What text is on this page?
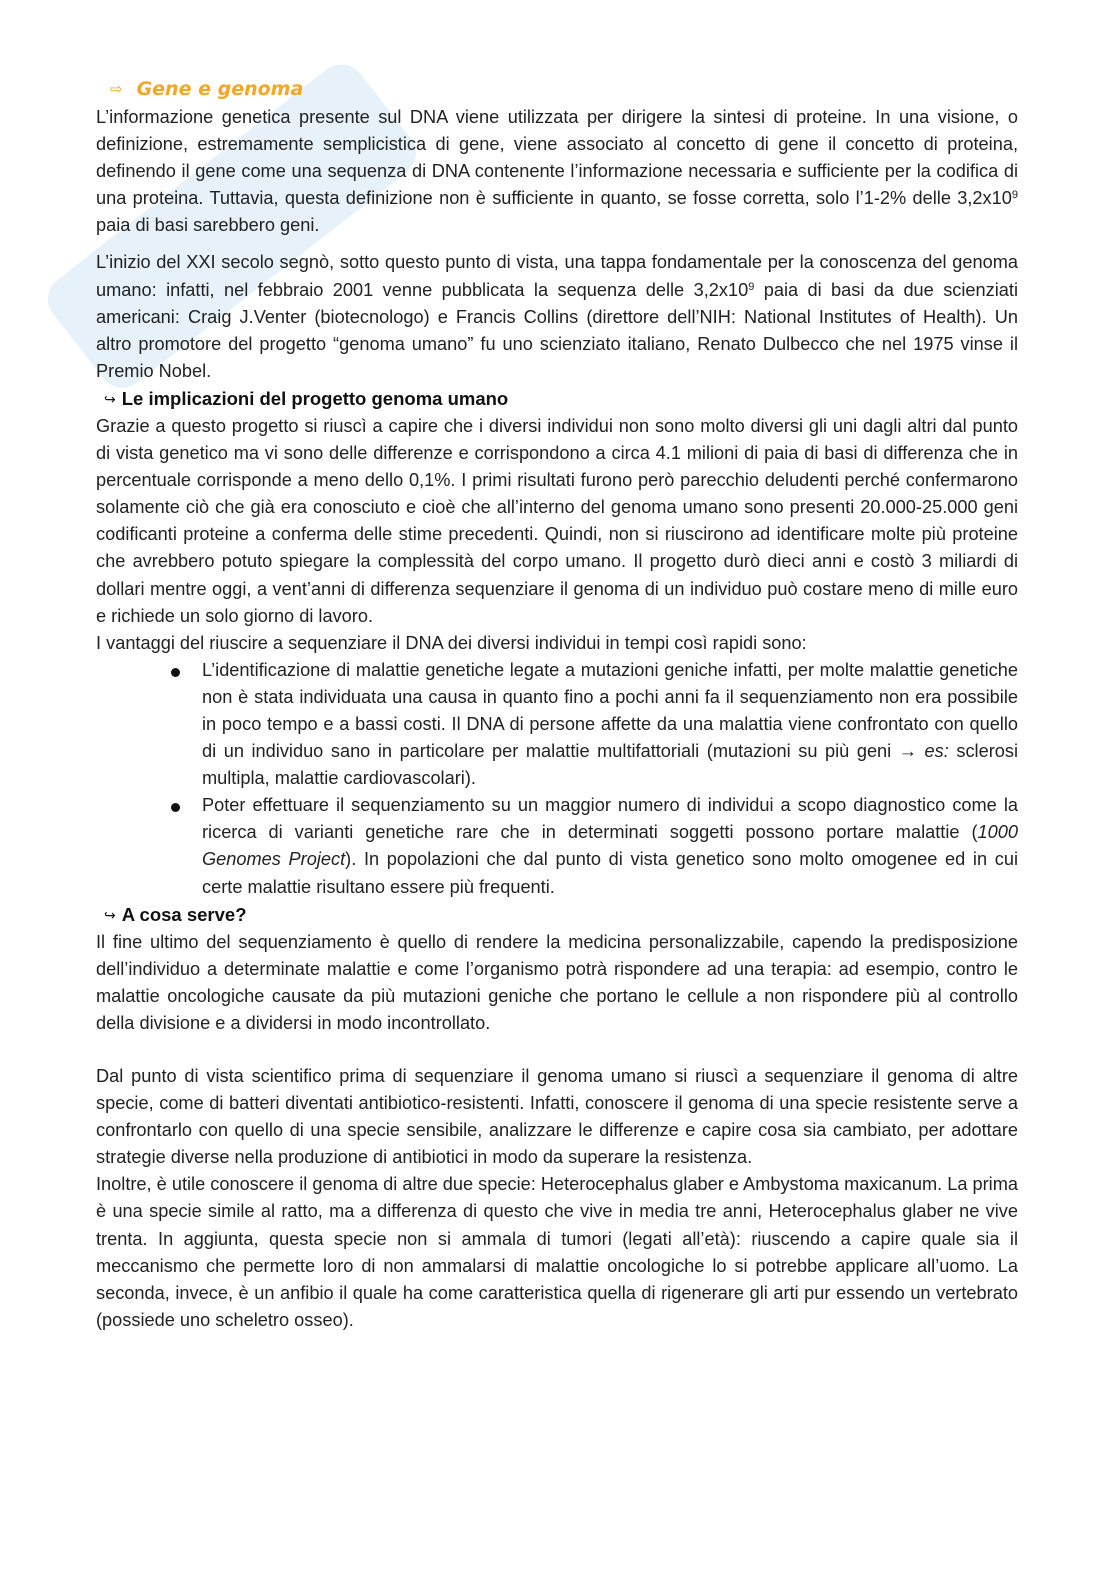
⇨ Gene e genoma

L’informazione genetica presente sul DNA viene utilizzata per dirigere la sintesi di proteine. In una visione, o definizione, estremamente semplicistica di gene, viene associato al concetto di gene il concetto di proteina, definendo il gene come una sequenza di DNA contenente l’informazione necessaria e sufficiente per la codifica di una proteina. Tuttavia, questa definizione non è sufficiente in quanto, se fosse corretta, solo l’1-2% delle $3,2x10^9$ paia di basi sarebbero geni.

L’inizio del XXI secolo segnò, sotto questo punto di vista, una tappa fondamentale per la conoscenza del genoma umano: infatti, nel febbraio 2001 venne pubblicata la sequenza delle $3,2x10^9$ paia di basi da due scienziati americani: Craig J.Venter (biotecnologo) e Francis Collins (direttore dell’NIH: National Institutes of Health). Un altro promotore del progetto “genoma umano” fu uno scienziato italiano, Renato Dulbecco che nel 1975 vinse il Premio Nobel.

↪ Le implicazioni del progetto genoma umano

Grazie a questo progetto si riuscì a capire che i diversi individui non sono molto diversi gli uni dagli altri dal punto di vista genetico ma vi sono delle differenze e corrispondono a circa 4.1 milioni di paia di basi di differenza che in percentuale corrisponde a meno dello 0,1%. I primi risultati furono però parecchio deludenti perché confermarono solamente ciò che già era conosciuto e cioè che all’interno del genoma umano sono presenti 20.000-25.000 geni codificanti proteine a conferma delle stime precedenti. Quindi, non si riuscirono ad identificare molte più proteine che avrebbero potuto spiegare la complessità del corpo umano. Il progetto durò dieci anni e costò 3 miliardi di dollari mentre oggi, a vent’anni di differenza sequenziare il genoma di un individuo può costare meno di mille euro e richiede un solo giorno di lavoro.

I vantaggi del riuscire a sequenziare il DNA dei diversi individui in tempi così rapidi sono:

L’identificazione di malattie genetiche legate a mutazioni geniche infatti, per molte malattie genetiche non è stata individuata una causa in quanto fino a pochi anni fa il sequenziamento non era possibile in poco tempo e a bassi costi. Il DNA di persone affette da una malattia viene confrontato con quello di un individuo sano in particolare per malattie multifattoriali (mutazioni su più geni → es: sclerosi multipla, malattie cardiovascolari).
Poter effettuare il sequenziamento su un maggior numero di individui a scopo diagnostico come la ricerca di varianti genetiche rare che in determinati soggetti possono portare malattie (1000 Genomes Project). In popolazioni che dal punto di vista genetico sono molto omogenee ed in cui certe malattie risultano essere più frequenti.
↪ A cosa serve?

Il fine ultimo del sequenziamento è quello di rendere la medicina personalizzabile, capendo la predisposizione dell’individuo a determinate malattie e come l’organismo potrà rispondere ad una terapia: ad esempio, contro le malattie oncologiche causate da più mutazioni geniche che portano le cellule a non rispondere più al controllo della divisione e a dividersi in modo incontrollato.

Dal punto di vista scientifico prima di sequenziare il genoma umano si riuscì a sequenziare il genoma di altre specie, come di batteri diventati antibiotico-resistenti. Infatti, conoscere il genoma di una specie resistente serve a confrontarlo con quello di una specie sensibile, analizzare le differenze e capire cosa sia cambiato, per adottare strategie diverse nella produzione di antibiotici in modo da superare la resistenza.

Inoltre, è utile conoscere il genoma di altre due specie: Heterocephalus glaber e Ambystoma maxicanum. La prima è una specie simile al ratto, ma a differenza di questo che vive in media tre anni, Heterocephalus glaber ne vive trenta. In aggiunta, questa specie non si ammala di tumori (legati all’età): riuscendo a capire quale sia il meccanismo che permette loro di non ammalarsi di malattie oncologiche lo si potrebbe applicare all’uomo. La seconda, invece, è un anfibio il quale ha come caratteristica quella di rigenerare gli arti pur essendo un vertebrato (possiede uno scheletro osseo).
